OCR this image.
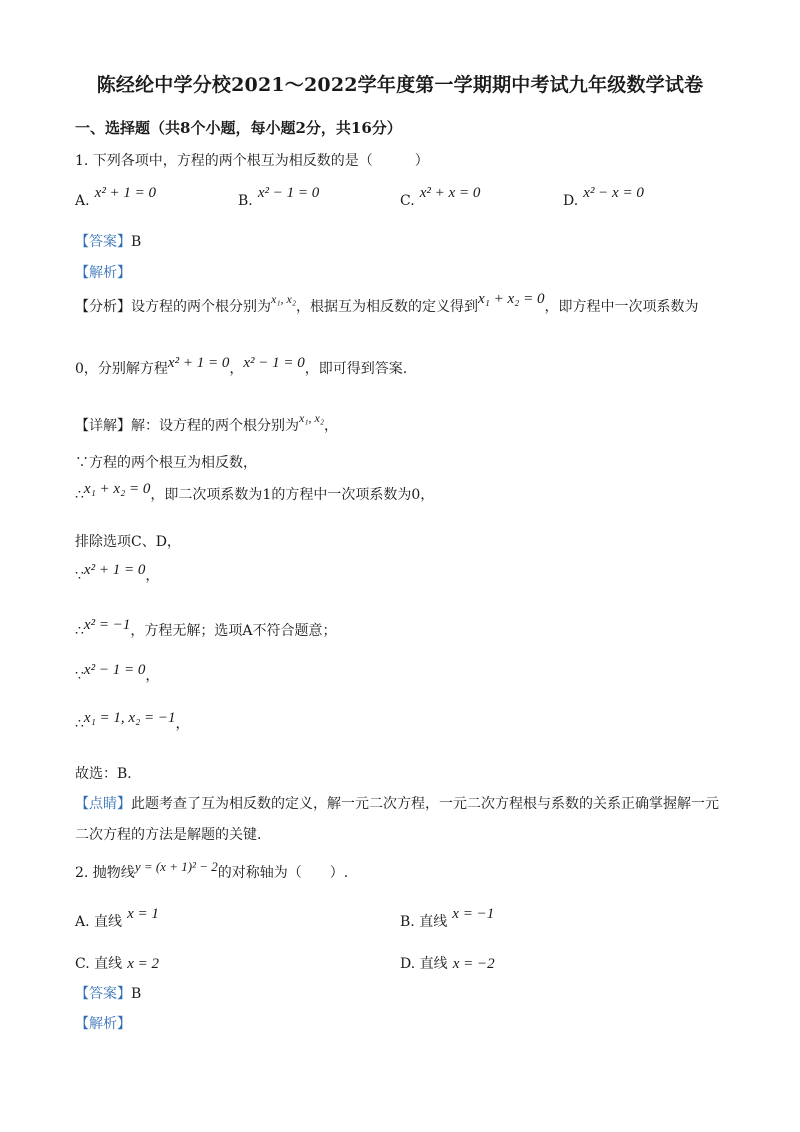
陈经纶中学分校2021～2022学年度第一学期期中考试九年级数学试卷
一、选择题（共8个小题，每小题2分，共16分）
1. 下列各项中，方程的两个根互为相反数的是（　　　）
A. x² + 1 = 0	B. x² − 1 = 0	C. x² + x = 0	D. x² − x = 0
【答案】B
【解析】
【分析】设方程的两个根分别为x₁, x₂，根据互为相反数的定义得到x₁ + x₂ = 0，即方程中一次项系数为
0，分别解方程x² + 1 = 0，x² − 1 = 0，即可得到答案.
【详解】解：设方程的两个根分别为x₁, x₂，
∵方程的两个根互为相反数，
∴x₁ + x₂ = 0，即二次项系数为1的方程中一次项系数为0，
排除选项C、D，
∵x² + 1 = 0，
∴x² = −1，方程无解；选项A不符合题意；
∵x² − 1 = 0，
∴x₁ = 1, x₂ = −1，
故选：B．
【点睛】此题考查了互为相反数的定义，解一元二次方程，一元二次方程根与系数的关系正确掌握解一元
二次方程的方法是解题的关键.
2. 抛物线y = (x + 1)² − 2的对称轴为（　　）.
A. 直线 x = 1	B. 直线 x = −1
C. 直线 x = 2	D. 直线 x = −2
【答案】B
【解析】
